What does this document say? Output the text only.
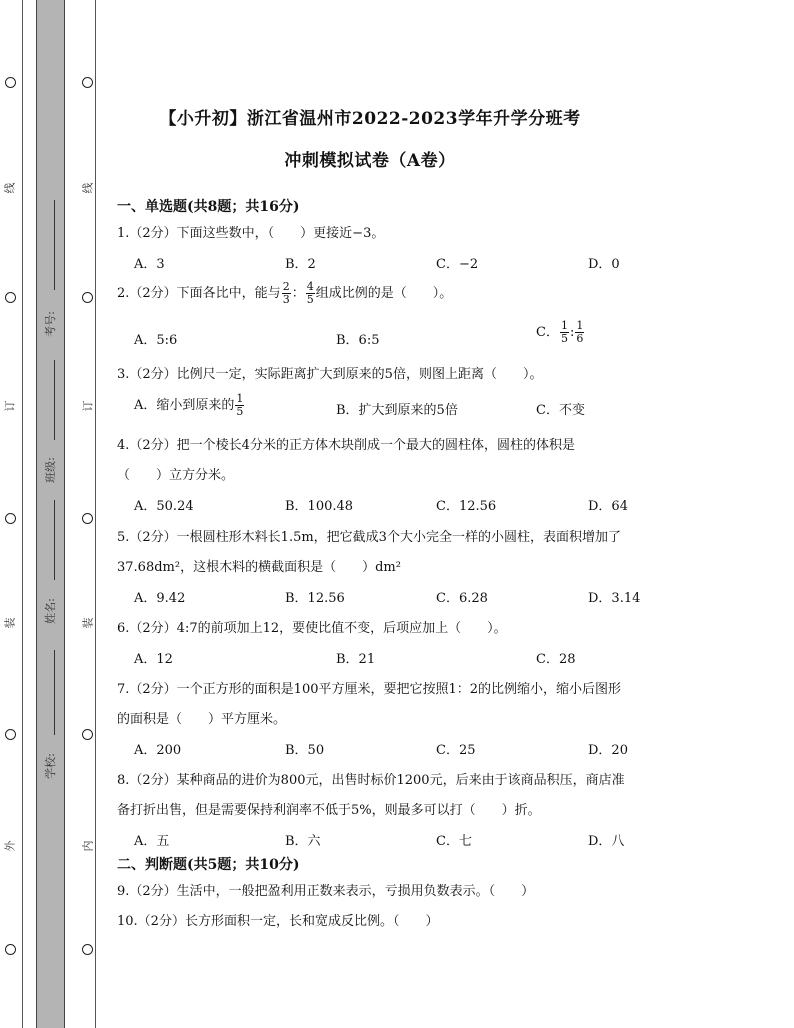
线
订
装
外
线
订
装
内
考号:
班级:
姓名:
学校:
【小升初】浙江省温州市2022-2023学年升学分班考
冲刺模拟试卷（A卷）
一、单选题(共8题；共16分)
1.（2分）下面这些数中，（　　）更接近−3。
A．3	B．2	C．−2	D．0
2.（2分）下面各比中，能与 $\frac{2}{3}$ ： $\frac{4}{5}$ 组成比例的是（　　）。
A．5:6	B．6:5
C． $\frac{1}{5}$ : $\frac{1}{6}$
3.（2分）比例尺一定，实际距离扩大到原来的5倍，则图上距离（　　）。
A．缩小到原来的 $\frac{1}{5}$	B．扩大到原来的5倍	C．不变
4.（2分）把一个棱长4分米的正方体木块削成一个最大的圆柱体，圆柱的体积是
（　　）立方分米。
A．50.24	B．100.48	C．12.56	D．64
5.（2分）一根圆柱形木料长1.5m，把它截成3个大小完全一样的小圆柱，表面积增加了
37.68dm²，这根木料的横截面积是（　　）dm²
A．9.42	B．12.56	C．6.28	D．3.14
6.（2分）4:7的前项加上12，要使比值不变，后项应加上（　　）。
A．12	B．21	C．28
7.（2分）一个正方形的面积是100平方厘米，要把它按照1：2的比例缩小，缩小后图形
的面积是（　　）平方厘米。
A．200	B．50	C．25	D．20
8.（2分）某种商品的进价为800元，出售时标价1200元，后来由于该商品积压，商店准
备打折出售，但是需要保持利润率不低于5%，则最多可以打（　　）折。
A．五	B．六	C．七	D．八
二、判断题(共5题；共10分)
9.（2分）生活中，一般把盈利用正数来表示，亏损用负数表示。（　　）
10.（2分）长方形面积一定，长和宽成反比例。（　　）
